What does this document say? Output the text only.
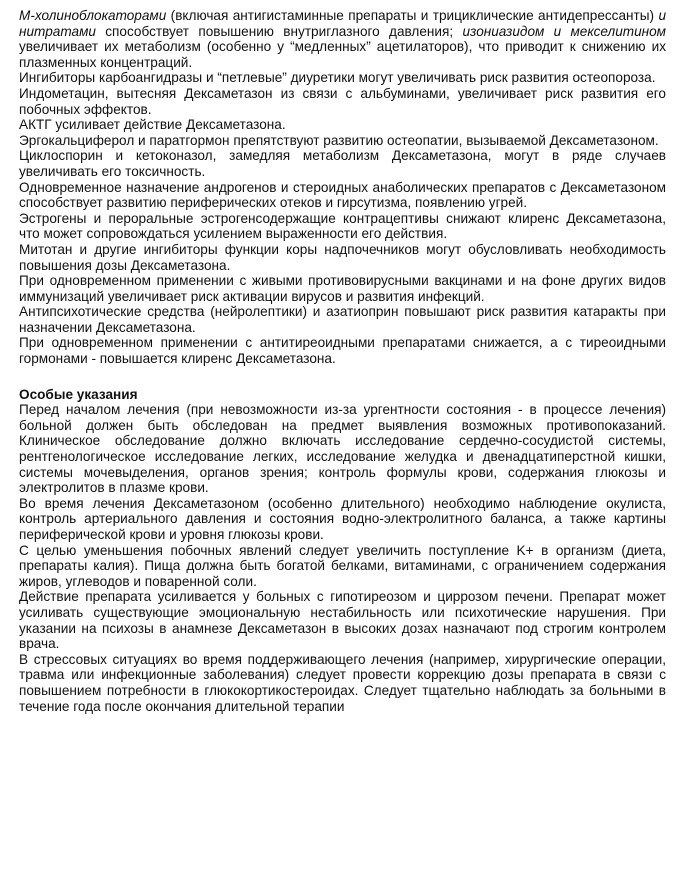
М-холиноблокаторами (включая антигистаминные препараты и трициклические антидепрессанты) и нитратами способствует повышению внутриглазного давления; изониазидом и мекселитином увеличивает их метаболизм (особенно у “медленных” ацетилаторов), что приводит к снижению их плазменных концентраций.

Ингибиторы карбоангидразы и “петлевые” диуретики могут увеличивать риск развития остеопороза.

Индометацин, вытесняя Дексаметазон из связи с альбуминами, увеличивает риск развития его побочных эффектов.

АКТГ усиливает действие Дексаметазона.

Эргокальциферол и паратгормон препятствуют развитию остеопатии, вызываемой Дексаметазоном.

Циклоспорин и кетоконазол, замедляя метаболизм Дексаметазона, могут в ряде случаев увеличивать его токсичность.

Одновременное назначение андрогенов и стероидных анаболических препаратов с Дексаметазоном способствует развитию периферических отеков и гирсутизма, появлению угрей.

Эстрогены и пероральные эстрогенсодержащие контрацептивы снижают клиренс Дексаметазона, что может сопровождаться усилением выраженности его действия.

Митотан и другие ингибиторы функции коры надпочечников могут обусловливать необходимость повышения дозы Дексаметазона.

При одновременном применении с живыми противовирусными вакцинами и на фоне других видов иммунизаций увеличивает риск активации вирусов и развития инфекций.

Антипсихотические средства (нейролептики) и азатиоприн повышают риск развития катаракты при назначении Дексаметазона.

При одновременном применении с антитиреоидными препаратами снижается, а с тиреоидными гормонами - повышается клиренс Дексаметазона.

Особые указания

Перед началом лечения (при невозможности из-за ургентности состояния - в процессе лечения) больной должен быть обследован на предмет выявления возможных противопоказаний. Клиническое обследование должно включать исследование сердечно-сосудистой системы, рентгенологическое исследование легких, исследование желудка и двенадцатиперстной кишки, системы мочевыделения, органов зрения; контроль формулы крови, содержания глюкозы и электролитов в плазме крови.

Во время лечения Дексаметазоном (особенно длительного) необходимо наблюдение окулиста, контроль артериального давления и состояния водно-электролитного баланса, а также картины периферической крови и уровня глюкозы крови.

С целью уменьшения побочных явлений следует увеличить поступление K+ в организм (диета, препараты калия). Пища должна быть богатой белками, витаминами, с ограничением содержания жиров, углеводов и поваренной соли.

Действие препарата усиливается у больных с гипотиреозом и циррозом печени. Препарат может усиливать существующие эмоциональную нестабильность или психотические нарушения. При указании на психозы в анамнезе Дексаметазон в высоких дозах назначают под строгим контролем врача.

В стрессовых ситуациях во время поддерживающего лечения (например, хирургические операции, травма или инфекционные заболевания) следует провести коррекцию дозы препарата в связи с повышением потребности в глюкокортикостероидах. Следует тщательно наблюдать за больными в течение года после окончания длительной терапии
